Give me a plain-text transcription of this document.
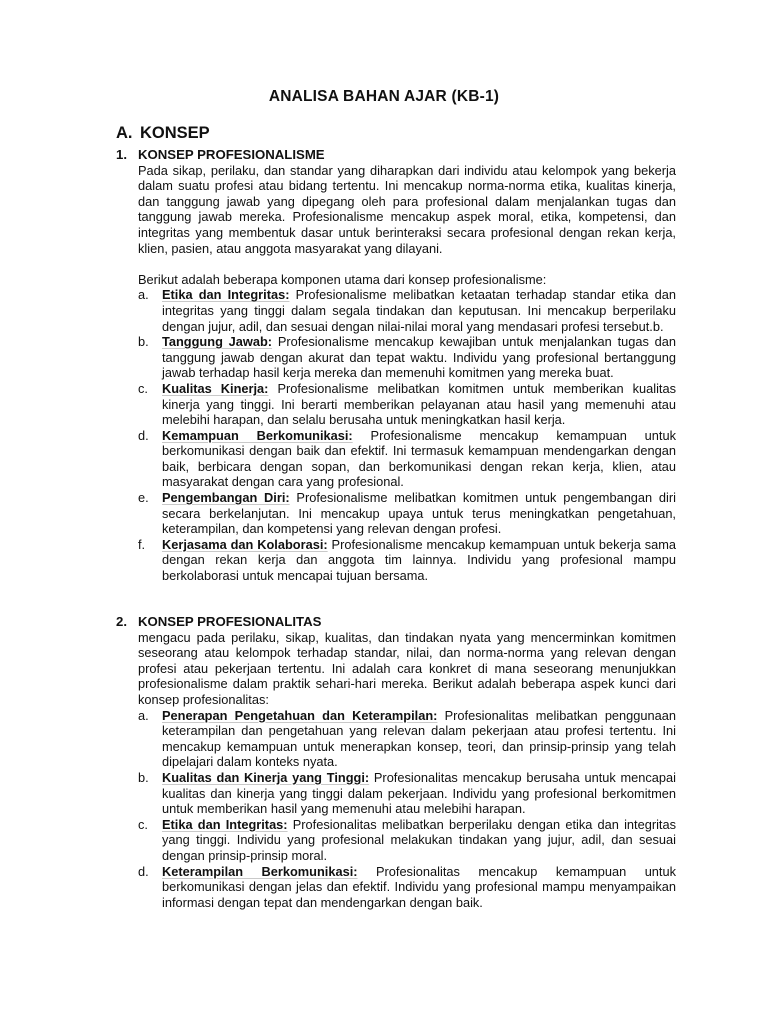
ANALISA BAHAN AJAR (KB-1)
A. KONSEP
1. KONSEP PROFESIONALISME
Pada sikap, perilaku, dan standar yang diharapkan dari individu atau kelompok yang bekerja dalam suatu profesi atau bidang tertentu. Ini mencakup norma-norma etika, kualitas kinerja, dan tanggung jawab yang dipegang oleh para profesional dalam menjalankan tugas dan tanggung jawab mereka. Profesionalisme mencakup aspek moral, etika, kompetensi, dan integritas yang membentuk dasar untuk berinteraksi secara profesional dengan rekan kerja, klien, pasien, atau anggota masyarakat yang dilayani.
Berikut adalah beberapa komponen utama dari konsep profesionalisme:
a. Etika dan Integritas: Profesionalisme melibatkan ketaatan terhadap standar etika dan integritas yang tinggi dalam segala tindakan dan keputusan. Ini mencakup berperilaku dengan jujur, adil, dan sesuai dengan nilai-nilai moral yang mendasari profesi tersebut.b.
b. Tanggung Jawab: Profesionalisme mencakup kewajiban untuk menjalankan tugas dan tanggung jawab dengan akurat dan tepat waktu. Individu yang profesional bertanggung jawab terhadap hasil kerja mereka dan memenuhi komitmen yang mereka buat.
c. Kualitas Kinerja: Profesionalisme melibatkan komitmen untuk memberikan kualitas kinerja yang tinggi. Ini berarti memberikan pelayanan atau hasil yang memenuhi atau melebihi harapan, dan selalu berusaha untuk meningkatkan hasil kerja.
d. Kemampuan Berkomunikasi: Profesionalisme mencakup kemampuan untuk berkomunikasi dengan baik dan efektif. Ini termasuk kemampuan mendengarkan dengan baik, berbicara dengan sopan, dan berkomunikasi dengan rekan kerja, klien, atau masyarakat dengan cara yang profesional.
e. Pengembangan Diri: Profesionalisme melibatkan komitmen untuk pengembangan diri secara berkelanjutan. Ini mencakup upaya untuk terus meningkatkan pengetahuan, keterampilan, dan kompetensi yang relevan dengan profesi.
f. Kerjasama dan Kolaborasi: Profesionalisme mencakup kemampuan untuk bekerja sama dengan rekan kerja dan anggota tim lainnya. Individu yang profesional mampu berkolaborasi untuk mencapai tujuan bersama.
2. KONSEP PROFESIONALITAS
mengacu pada perilaku, sikap, kualitas, dan tindakan nyata yang mencerminkan komitmen seseorang atau kelompok terhadap standar, nilai, dan norma-norma yang relevan dengan profesi atau pekerjaan tertentu. Ini adalah cara konkret di mana seseorang menunjukkan profesionalisme dalam praktik sehari-hari mereka. Berikut adalah beberapa aspek kunci dari konsep profesionalitas:
a. Penerapan Pengetahuan dan Keterampilan: Profesionalitas melibatkan penggunaan keterampilan dan pengetahuan yang relevan dalam pekerjaan atau profesi tertentu. Ini mencakup kemampuan untuk menerapkan konsep, teori, dan prinsip-prinsip yang telah dipelajari dalam konteks nyata.
b. Kualitas dan Kinerja yang Tinggi: Profesionalitas mencakup berusaha untuk mencapai kualitas dan kinerja yang tinggi dalam pekerjaan. Individu yang profesional berkomitmen untuk memberikan hasil yang memenuhi atau melebihi harapan.
c. Etika dan Integritas: Profesionalitas melibatkan berperilaku dengan etika dan integritas yang tinggi. Individu yang profesional melakukan tindakan yang jujur, adil, dan sesuai dengan prinsip-prinsip moral.
d. Keterampilan Berkomunikasi: Profesionalitas mencakup kemampuan untuk berkomunikasi dengan jelas dan efektif. Individu yang profesional mampu menyampaikan informasi dengan tepat dan mendengarkan dengan baik.
